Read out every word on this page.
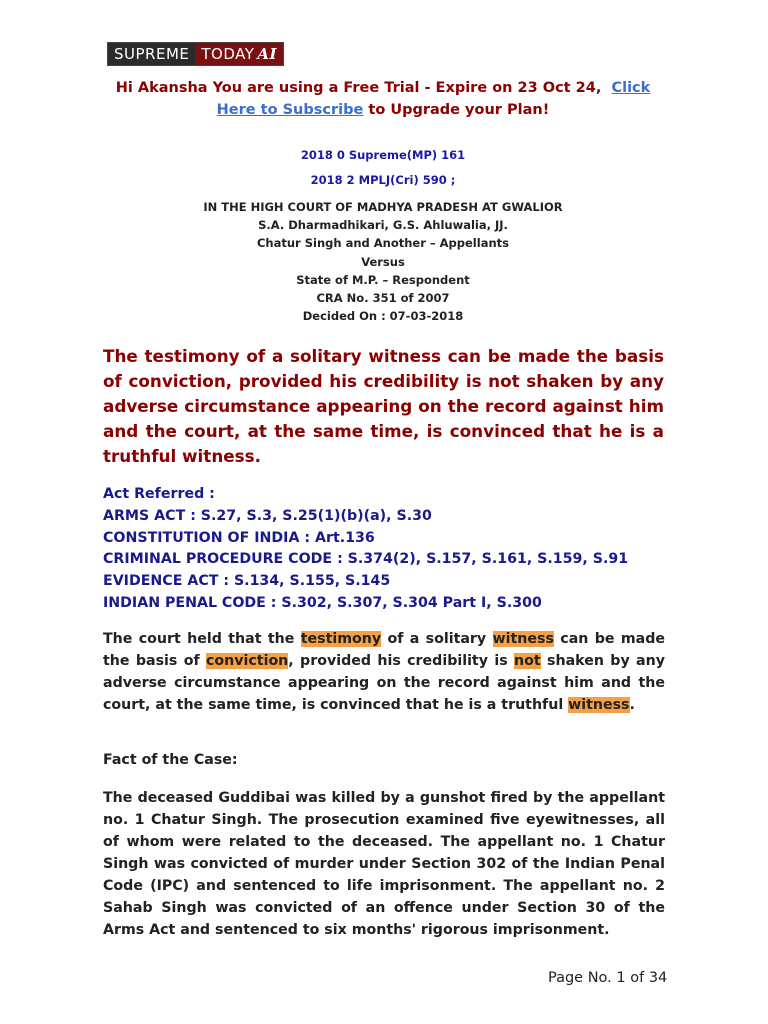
SUPREME TODAY AI
Hi Akansha You are using a Free Trial - Expire on 23 Oct 24, Click Here to Subscribe to Upgrade your Plan!
2018 0 Supreme(MP) 161
2018 2 MPLJ(Cri) 590 ;
IN THE HIGH COURT OF MADHYA PRADESH AT GWALIOR
S.A. Dharmadhikari, G.S. Ahluwalia, JJ.
Chatur Singh and Another – Appellants
Versus
State of M.P. – Respondent
CRA No. 351 of 2007
Decided On : 07-03-2018
The testimony of a solitary witness can be made the basis of conviction, provided his credibility is not shaken by any adverse circumstance appearing on the record against him and the court, at the same time, is convinced that he is a truthful witness.
Act Referred :
ARMS ACT : S.27, S.3, S.25(1)(b)(a), S.30
CONSTITUTION OF INDIA : Art.136
CRIMINAL PROCEDURE CODE : S.374(2), S.157, S.161, S.159, S.91
EVIDENCE ACT : S.134, S.155, S.145
INDIAN PENAL CODE : S.302, S.307, S.304 Part I, S.300
The court held that the testimony of a solitary witness can be made the basis of conviction, provided his credibility is not shaken by any adverse circumstance appearing on the record against him and the court, at the same time, is convinced that he is a truthful witness.
Fact of the Case:
The deceased Guddibai was killed by a gunshot fired by the appellant no. 1 Chatur Singh. The prosecution examined five eyewitnesses, all of whom were related to the deceased. The appellant no. 1 Chatur Singh was convicted of murder under Section 302 of the Indian Penal Code (IPC) and sentenced to life imprisonment. The appellant no. 2 Sahab Singh was convicted of an offence under Section 30 of the Arms Act and sentenced to six months' rigorous imprisonment.
Page No. 1 of 34
